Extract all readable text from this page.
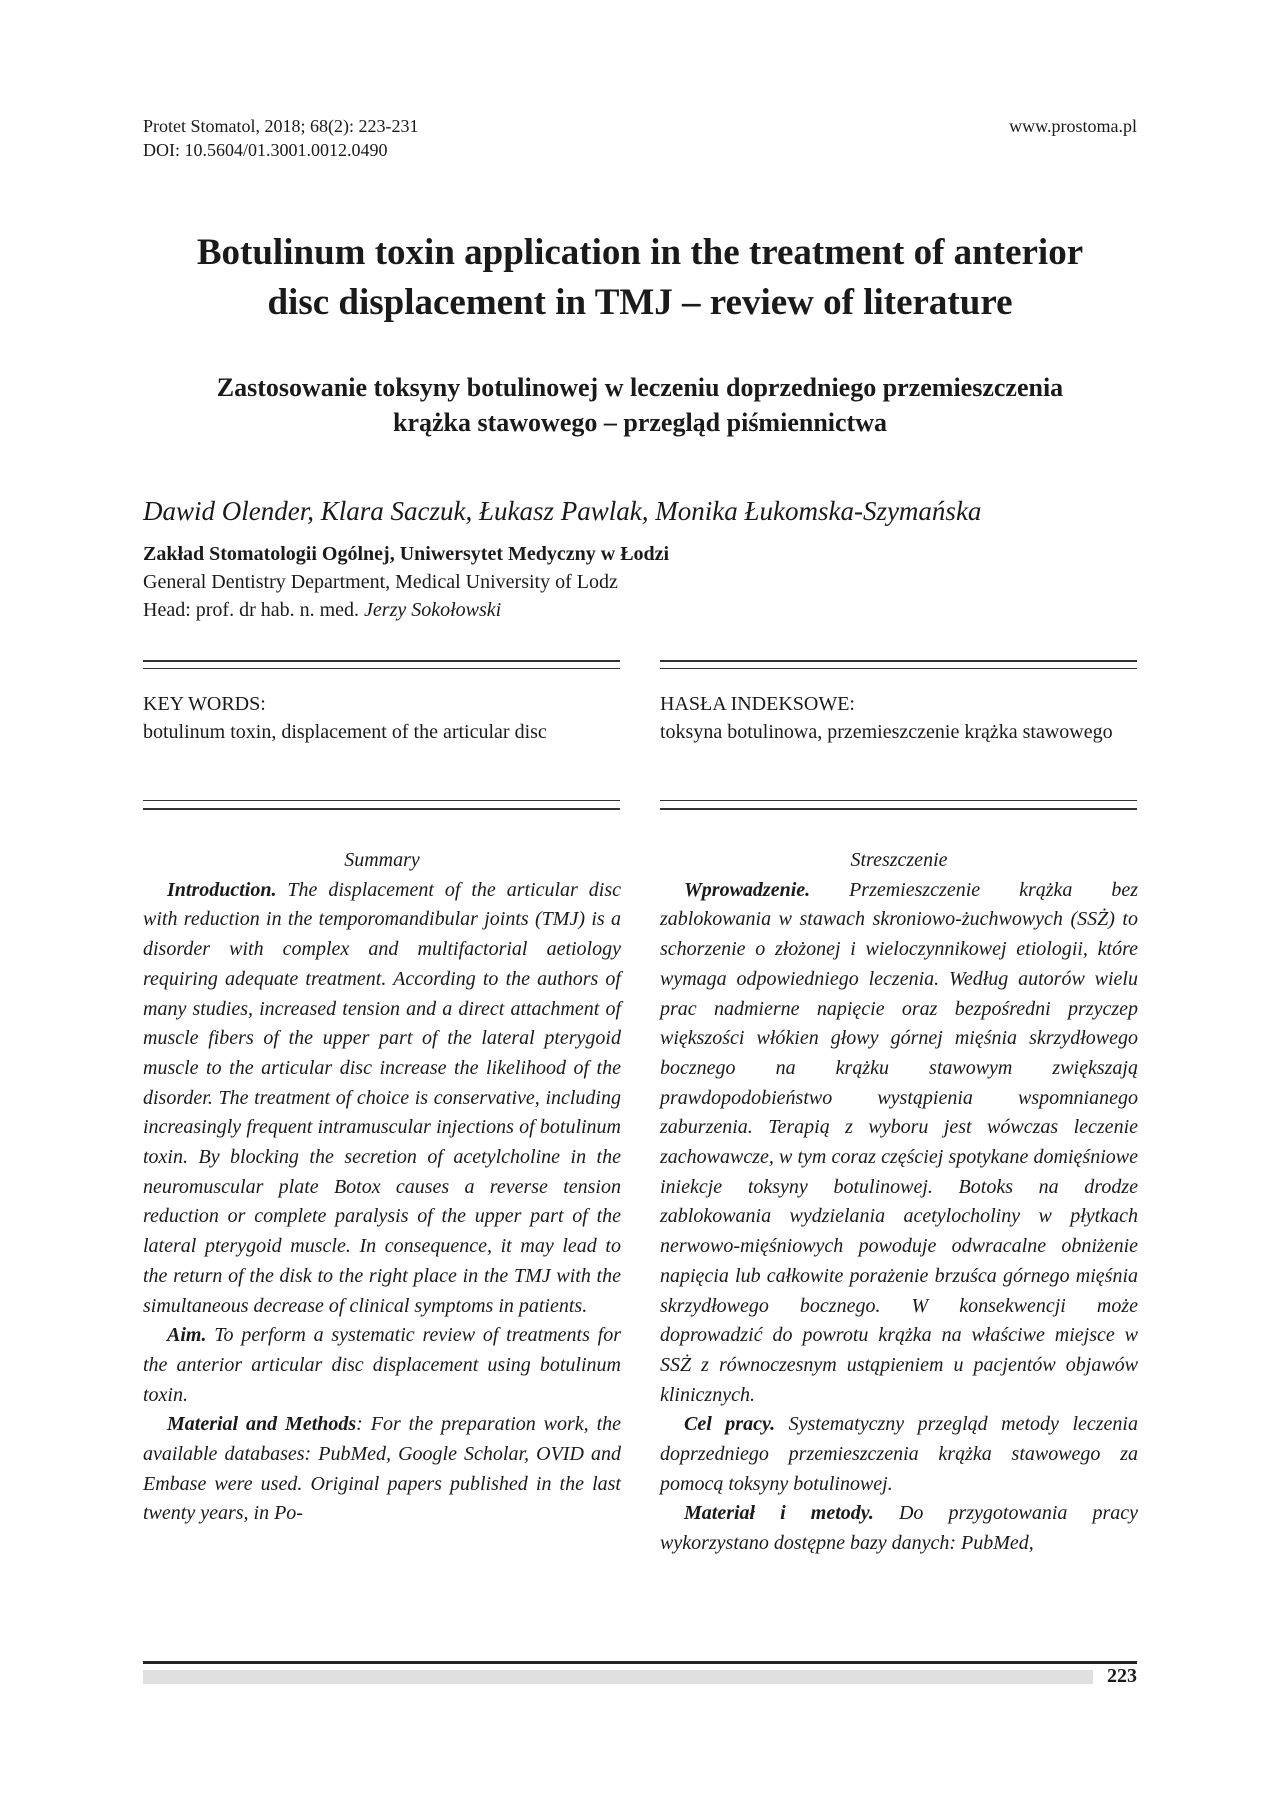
Protet Stomatol, 2018; 68(2): 223-231
DOI: 10.5604/01.3001.0012.0490
www.prostoma.pl
Botulinum toxin application in the treatment of anterior
disc displacement in TMJ – review of literature
Zastosowanie toksyny botulinowej w leczeniu doprzedniego przemieszczenia
krążka stawowego – przegląd piśmiennictwa
Dawid Olender, Klara Saczuk, Łukasz Pawlak, Monika Łukomska-Szymańska
Zakład Stomatologii Ogólnej, Uniwersytet Medyczny w Łodzi
General Dentistry Department, Medical University of Lodz
Head: prof. dr hab. n. med. Jerzy Sokołowski
KEY WORDS:
botulinum toxin, displacement of the articular disc
HASŁA INDEKSOWE:
toksyna botulinowa, przemieszczenie krążka stawowego
Summary

Introduction. The displacement of the articular disc with reduction in the temporomandibular joints (TMJ) is a disorder with complex and multifactorial aetiology requiring adequate treatment. According to the authors of many studies, increased tension and a direct attachment of muscle fibers of the upper part of the lateral pterygoid muscle to the articular disc increase the likelihood of the disorder. The treatment of choice is conservative, including increasingly frequent intramuscular injections of botulinum toxin. By blocking the secretion of acetylcholine in the neuromuscular plate Botox causes a reverse tension reduction or complete paralysis of the upper part of the lateral pterygoid muscle. In consequence, it may lead to the return of the disk to the right place in the TMJ with the simultaneous decrease of clinical symptoms in patients.

Aim. To perform a systematic review of treatments for the anterior articular disc displacement using botulinum toxin.

Material and Methods: For the preparation work, the available databases: PubMed, Google Scholar, OVID and Embase were used. Original papers published in the last twenty years, in Po-

Streszczenie

Wprowadzenie. Przemieszczenie krążka bez zablokowania w stawach skroniowo-żuchwowych (SSŻ) to schorzenie o złożonej i wieloczynnikowej etiologii, które wymaga odpowiedniego leczenia. Według autorów wielu prac nadmierne napięcie oraz bezpośredni przyczep większości włókien głowy górnej mięśnia skrzydłowego bocznego na krążku stawowym zwiększają prawdopodobieństwo wystąpienia wspomnianego zaburzenia. Terapią z wyboru jest wówczas leczenie zachowawcze, w tym coraz częściej spotykane domięśniowe iniekcje toksyny botulinowej. Botoks na drodze zablokowania wydzielania acetylocholiny w płytkach nerwowo-mięśniowych powoduje odwracalne obniżenie napięcia lub całkowite porażenie brzuśca górnego mięśnia skrzydłowego bocznego. W konsekwencji może doprowadzić do powrotu krążka na właściwe miejsce w SSŻ z równoczesnym ustąpieniem u pacjentów objawów klinicznych.

Cel pracy. Systematyczny przegląd metody leczenia doprzedniego przemieszczenia krążka stawowego za pomocą toksyny botulinowej.

Materiał i metody. Do przygotowania pracy wykorzystano dostępne bazy danych: PubMed,

223
